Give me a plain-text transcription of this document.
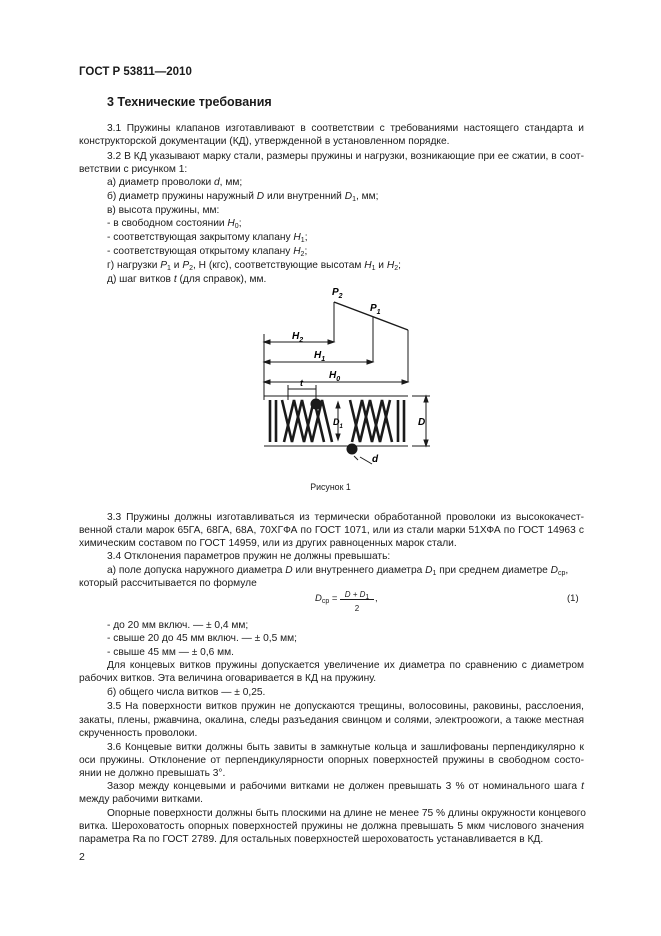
ГОСТ Р 53811—2010
3 Технические требования
3.1 Пружины клапанов изготавливают в соответствии с требованиями настоящего стандарта и
конструкторской документации (КД), утвержденной в установленном порядке.
3.2 В КД указывают марку стали, размеры пружины и нагрузки, возникающие при ее сжатии, в соот-
ветствии с рисунком 1:
а) диаметр проволоки d, мм;
б) диаметр пружины наружный D или внутренний $D_1$, мм;
в) высота пружины, мм:
- в свободном состоянии $H_0$;
- соответствующая закрытому клапану $H_1$;
- соответствующая открытому клапану $H_2$;
г) нагрузки $P_1$ и $P_2$, Н (кгс), соответствующие высотам $H_1$ и $H_2$;
д) шаг витков t (для справок), мм.
$P_2$
$P_1$
$H_2$
$H_1$
$H_0$
t
$D_1$	D
d
Рисунок 1
3.3 Пружины должны изготавливаться из термически обработанной проволоки из высококачест-
венной стали марок 65ГА, 68ГА, 68А, 70ХГФА по ГОСТ 1071, или из стали марки 51ХФА по ГОСТ 14963 с
химическим составом по ГОСТ 14959, или из других равноценных марок стали.
3.4 Отклонения параметров пружин не должны превышать:
а) поле допуска наружного диаметра D или внутреннего диаметра $D_1$ при среднем диаметре $D_{ср}$,
который рассчитывается по формуле
$D_{ср} = D + D_1$
2
,	(1)
- до 20 мм включ. — ± 0,4 мм;
- свыше 20 до 45 мм включ. — ± 0,5 мм;
- свыше 45 мм — ± 0,6 мм.
Для концевых витков пружины допускается увеличение их диаметра по сравнению с диаметром
рабочих витков. Эта величина оговаривается в КД на пружину.
б) общего числа витков — ± 0,25.
3.5 На поверхности витков пружин не допускаются трещины, волосовины, раковины, расслоения,
закаты, плены, ржавчина, окалина, следы разъедания свинцом и солями, электроожоги, а также местная
скрученность проволоки.
3.6 Концевые витки должны быть завиты в замкнутые кольца и зашлифованы перпендикулярно к
оси пружины. Отклонение от перпендикулярности опорных поверхностей пружины в свободном состо-
янии не должно превышать 3°.
Зазор между концевыми и рабочими витками не должен превышать 3 % от номинального шага t
между рабочими витками.
Опорные поверхности должны быть плоскими на длине не менее 75 % длины окружности концевого
витка. Шероховатость опорных поверхностей пружины не должна превышать 5 мкм числового значения
параметра Ra по ГОСТ 2789. Для остальных поверхностей шероховатость устанавливается в КД.
2
